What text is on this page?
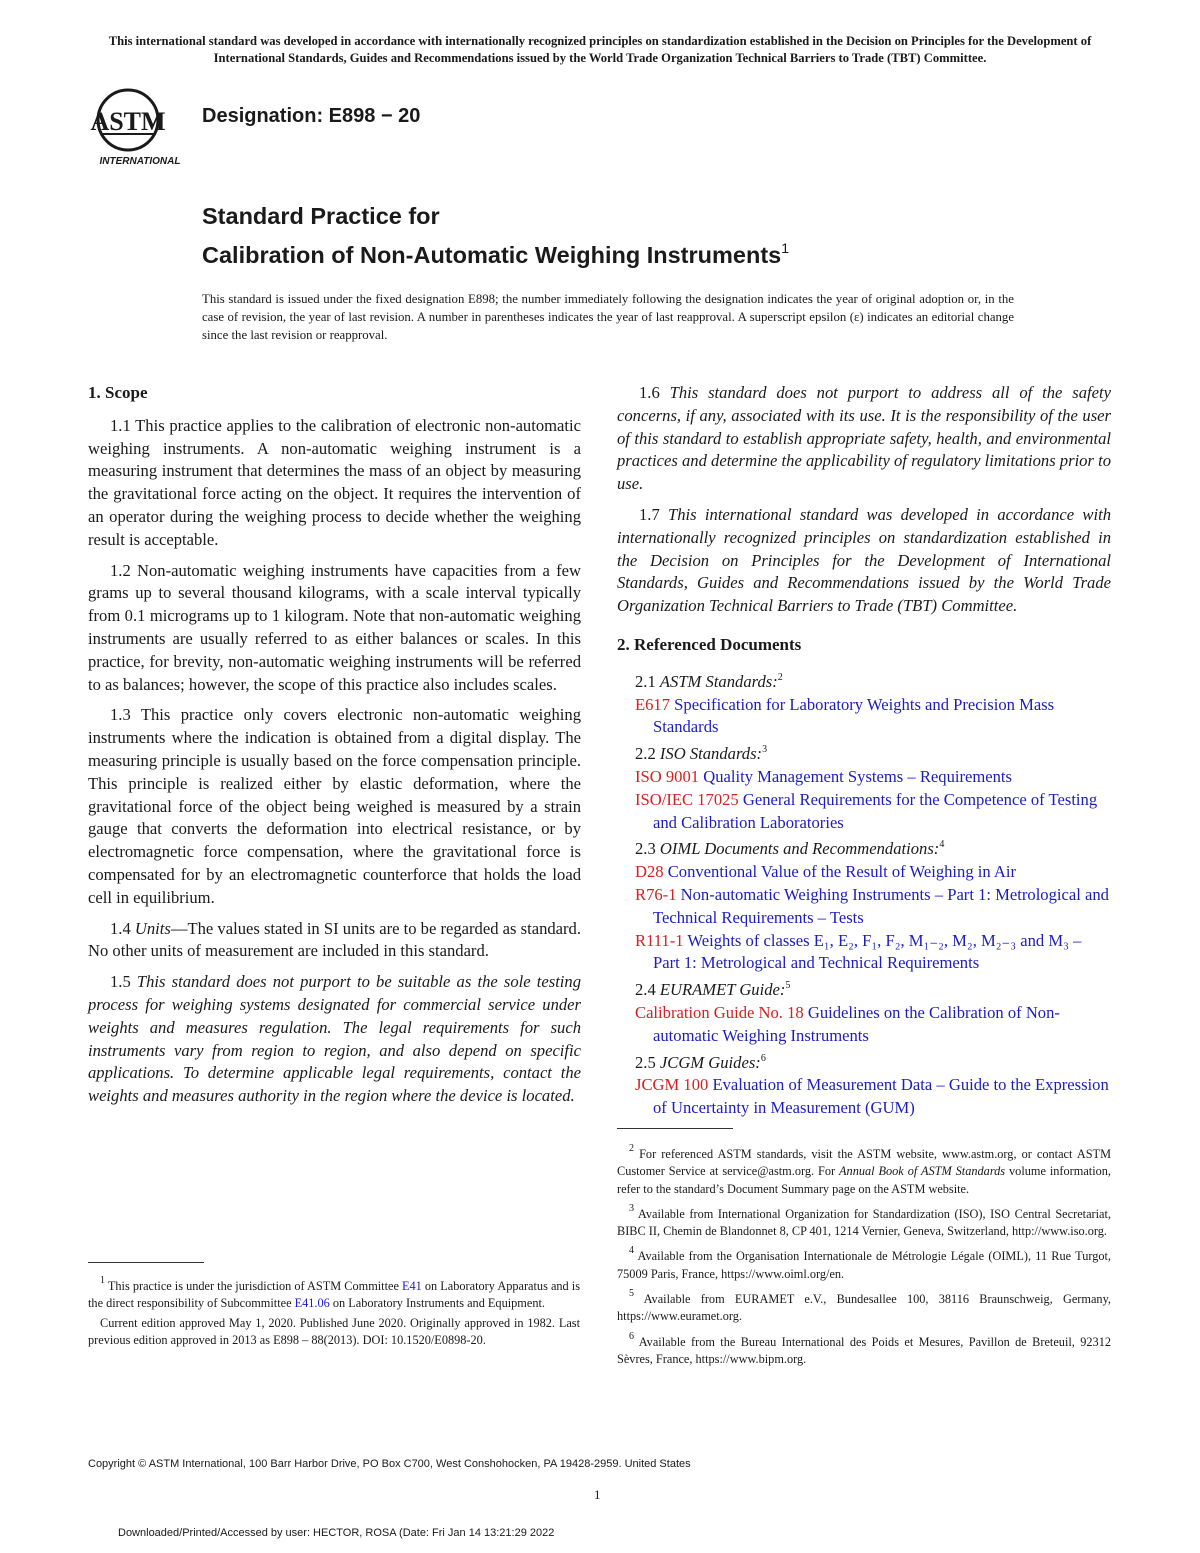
This international standard was developed in accordance with internationally recognized principles on standardization established in the Decision on Principles for the Development of International Standards, Guides and Recommendations issued by the World Trade Organization Technical Barriers to Trade (TBT) Committee.
ASTM
INTERNATIONAL
Designation: E898 − 20
Standard Practice for
Calibration of Non-Automatic Weighing Instruments$^1$
This standard is issued under the fixed designation E898; the number immediately following the designation indicates the year of original adoption or, in the case of revision, the year of last revision. A number in parentheses indicates the year of last reapproval. A superscript epsilon (ε) indicates an editorial change since the last revision or reapproval.
1. Scope

1.1 This practice applies to the calibration of electronic non-automatic weighing instruments. A non-automatic weighing instrument is a measuring instrument that determines the mass of an object by measuring the gravitational force acting on the object. It requires the intervention of an operator during the weighing process to decide whether the weighing result is acceptable.

1.2 Non-automatic weighing instruments have capacities from a few grams up to several thousand kilograms, with a scale interval typically from 0.1 micrograms up to 1 kilogram. Note that non-automatic weighing instruments are usually referred to as either balances or scales. In this practice, for brevity, non-automatic weighing instruments will be referred to as balances; however, the scope of this practice also includes scales.

1.3 This practice only covers electronic non-automatic weighing instruments where the indication is obtained from a digital display. The measuring principle is usually based on the force compensation principle. This principle is realized either by elastic deformation, where the gravitational force of the object being weighed is measured by a strain gauge that converts the deformation into electrical resistance, or by electromagnetic force compensation, where the gravitational force is compensated for by an electromagnetic counterforce that holds the load cell in equilibrium.

1.4 Units—The values stated in SI units are to be regarded as standard. No other units of measurement are included in this standard.

1.5 This standard does not purport to be suitable as the sole testing process for weighing systems designated for commercial service under weights and measures regulation. The legal requirements for such instruments vary from region to region, and also depend on specific applications. To determine applicable legal requirements, contact the weights and measures authority in the region where the device is located.

$^1$ This practice is under the jurisdiction of ASTM Committee E41 on Laboratory Apparatus and is the direct responsibility of Subcommittee E41.06 on Laboratory Instruments and Equipment.

Current edition approved May 1, 2020. Published June 2020. Originally approved in 1982. Last previous edition approved in 2013 as E898 – 88(2013). DOI: 10.1520/E0898-20.

1.6 This standard does not purport to address all of the safety concerns, if any, associated with its use. It is the responsibility of the user of this standard to establish appropriate safety, health, and environmental practices and determine the applicability of regulatory limitations prior to use.

1.7 This international standard was developed in accordance with internationally recognized principles on standardization established in the Decision on Principles for the Development of International Standards, Guides and Recommendations issued by the World Trade Organization Technical Barriers to Trade (TBT) Committee.

2. Referenced Documents
2.1 ASTM Standards:$^2$
E617 Specification for Laboratory Weights and Precision Mass Standards
2.2 ISO Standards:$^3$
ISO 9001 Quality Management Systems – Requirements
ISO/IEC 17025 General Requirements for the Competence of Testing and Calibration Laboratories
2.3 OIML Documents and Recommendations:$^4$
D28 Conventional Value of the Result of Weighing in Air
R76-1 Non-automatic Weighing Instruments – Part 1: Metrological and Technical Requirements – Tests
R111-1 Weights of classes E₁, E₂, F₁, F₂, M₁₋₂, M₂, M₂₋₃ and M₃ – Part 1: Metrological and Technical Requirements
2.4 EURAMET Guide:$^5$
Calibration Guide No. 18 Guidelines on the Calibration of Non-automatic Weighing Instruments
2.5 JCGM Guides:$^6$
JCGM 100 Evaluation of Measurement Data – Guide to the Expression of Uncertainty in Measurement (GUM)

$^2$ For referenced ASTM standards, visit the ASTM website, www.astm.org, or contact ASTM Customer Service at service@astm.org. For Annual Book of ASTM Standards volume information, refer to the standard’s Document Summary page on the ASTM website.

$^3$ Available from International Organization for Standardization (ISO), ISO Central Secretariat, BIBC II, Chemin de Blandonnet 8, CP 401, 1214 Vernier, Geneva, Switzerland, http://www.iso.org.

$^4$ Available from the Organisation Internationale de Métrologie Légale (OIML), 11 Rue Turgot, 75009 Paris, France, https://www.oiml.org/en.

$^5$ Available from EURAMET e.V., Bundesallee 100, 38116 Braunschweig, Germany, https://www.euramet.org.

$^6$ Available from the Bureau International des Poids et Mesures, Pavillon de Breteuil, 92312 Sèvres, France, https://www.bipm.org.

Copyright © ASTM International, 100 Barr Harbor Drive, PO Box C700, West Conshohocken, PA 19428-2959. United States
1
Downloaded/Printed/Accessed by user: HECTOR, ROSA (Date: Fri Jan 14 13:21:29 2022
